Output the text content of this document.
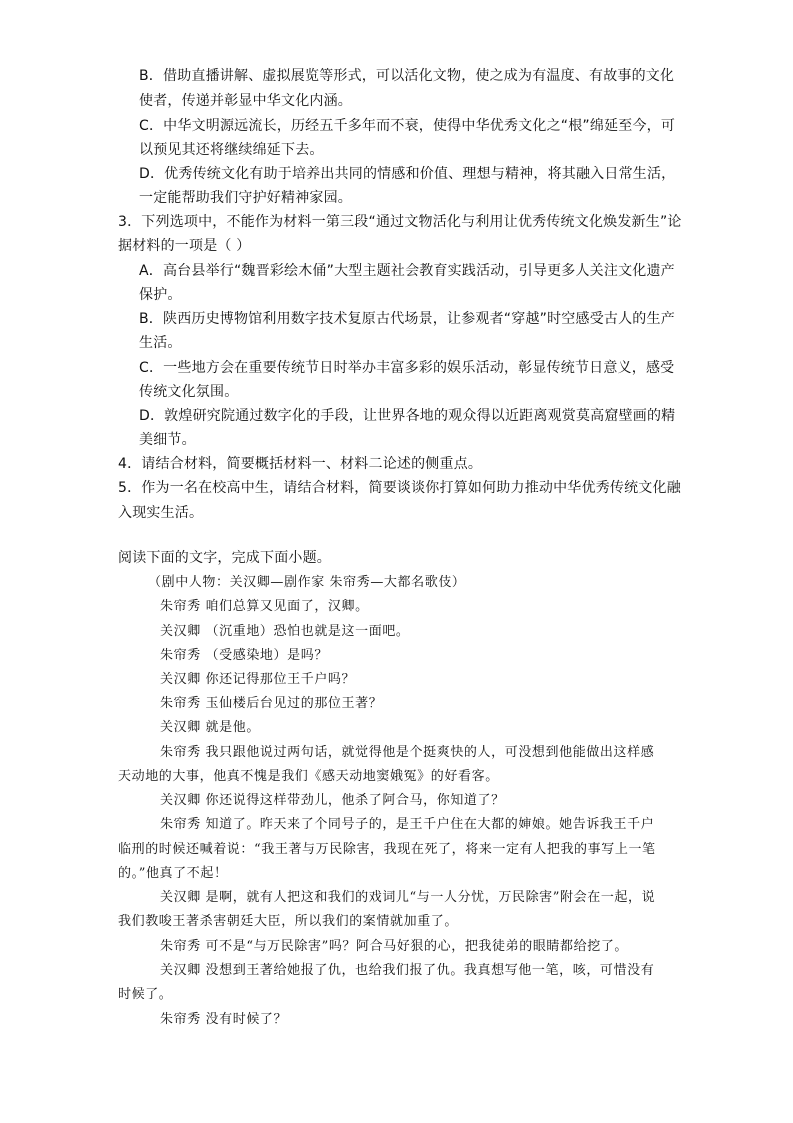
B．借助直播讲解、虚拟展览等形式，可以活化文物，使之成为有温度、有故事的文化
使者，传递并彰显中华文化内涵。
C．中华文明源远流长，历经五千多年而不衰，使得中华优秀文化之“根”绵延至今，可
以预见其还将继续绵延下去。
D．优秀传统文化有助于培养出共同的情感和价值、理想与精神，将其融入日常生活，
一定能帮助我们守护好精神家园。
3．下列选项中，不能作为材料一第三段“通过文物活化与利用让优秀传统文化焕发新生”论
据材料的一项是（ ）
A．高台县举行“魏晋彩绘木俑”大型主题社会教育实践活动，引导更多人关注文化遗产
保护。
B．陕西历史博物馆利用数字技术复原古代场景，让参观者“穿越”时空感受古人的生产
生活。
C．一些地方会在重要传统节日时举办丰富多彩的娱乐活动，彰显传统节日意义，感受
传统文化氛围。
D．敦煌研究院通过数字化的手段，让世界各地的观众得以近距离观赏莫高窟壁画的精
美细节。
4．请结合材料，简要概括材料一、材料二论述的侧重点。
5．作为一名在校高中生，请结合材料，简要谈谈你打算如何助力推动中华优秀传统文化融
入现实生活。
阅读下面的文字，完成下面小题。
（剧中人物：关汉卿—剧作家 朱帘秀—大都名歌伎）
朱帘秀 咱们总算又见面了，汉卿。
关汉卿 （沉重地）恐怕也就是这一面吧。
朱帘秀 （受感染地）是吗？
关汉卿 你还记得那位王千户吗？
朱帘秀 玉仙楼后台见过的那位王著？
关汉卿 就是他。
朱帘秀 我只跟他说过两句话，就觉得他是个挺爽快的人，可没想到他能做出这样感
天动地的大事，他真不愧是我们《感天动地窦娥冤》的好看客。
关汉卿 你还说得这样带劲儿，他杀了阿合马，你知道了？
朱帘秀 知道了。昨天来了个同号子的，是王千户住在大都的婶娘。她告诉我王千户
临刑的时候还喊着说：“我王著与万民除害，我现在死了，将来一定有人把我的事写上一笔
的。”他真了不起！
关汉卿 是啊，就有人把这和我们的戏词儿“与一人分忧，万民除害”附会在一起，说
我们教唆王著杀害朝廷大臣，所以我们的案情就加重了。
朱帘秀 可不是“与万民除害”吗？阿合马好狠的心，把我徒弟的眼睛都给挖了。
关汉卿 没想到王著给她报了仇，也给我们报了仇。我真想写他一笔，咳，可惜没有
时候了。
朱帘秀 没有时候了？
